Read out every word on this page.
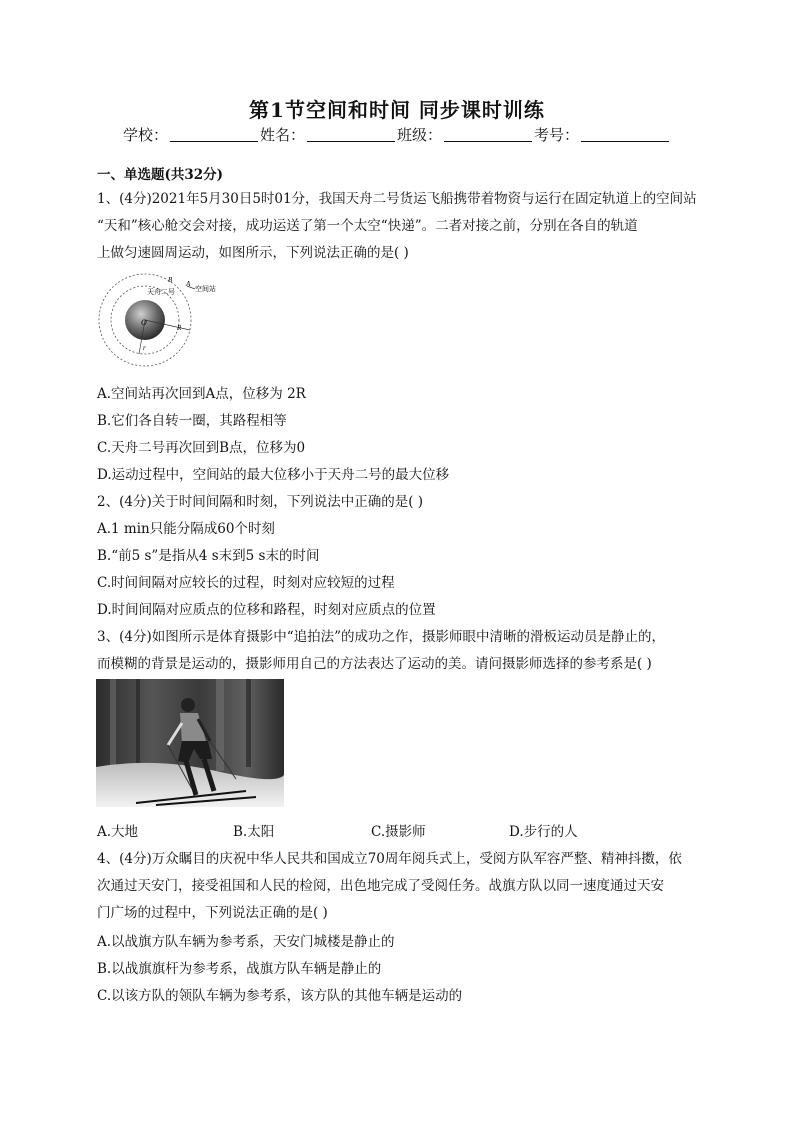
第1节空间和时间 同步课时训练
学校：	姓名：	班级：	考号：
一、单选题(共32分)
1、(4分)2021年5月30日5时01分，我国天舟二号货运飞船携带着物资与运行在固定轨道上的空间站
“天和”核心舱交会对接，成功运送了第一个太空“快递”。二者对接之前，分别在各自的轨道
上做匀速圆周运动，如图所示，下列说法正确的是( )
O
B A
空间站
天舟二号
R
r
A.空间站再次回到A点，位移为 2R
B.它们各自转一圈，其路程相等
C.天舟二号再次回到B点，位移为0
D.运动过程中，空间站的最大位移小于天舟二号的最大位移
2、(4分)关于时间间隔和时刻，下列说法中正确的是( )
A.1 min只能分隔成60个时刻
B.“前5 s”是指从4 s末到5 s末的时间
C.时间间隔对应较长的过程，时刻对应较短的过程
D.时间间隔对应质点的位移和路程，时刻对应质点的位置
3、(4分)如图所示是体育摄影中“追拍法”的成功之作，摄影师眼中清晰的滑板运动员是静止的，
而模糊的背景是运动的，摄影师用自己的方法表达了运动的美。请问摄影师选择的参考系是( )
A.大地	B.太阳	C.摄影师	D.步行的人
4、(4分)万众瞩目的庆祝中华人民共和国成立70周年阅兵式上，受阅方队军容严整、精神抖擞，依
次通过天安门，接受祖国和人民的检阅，出色地完成了受阅任务。战旗方队以同一速度通过天安
门广场的过程中，下列说法正确的是( )
A.以战旗方队车辆为参考系，天安门城楼是静止的
B.以战旗旗杆为参考系，战旗方队车辆是静止的
C.以该方队的领队车辆为参考系，该方队的其他车辆是运动的
